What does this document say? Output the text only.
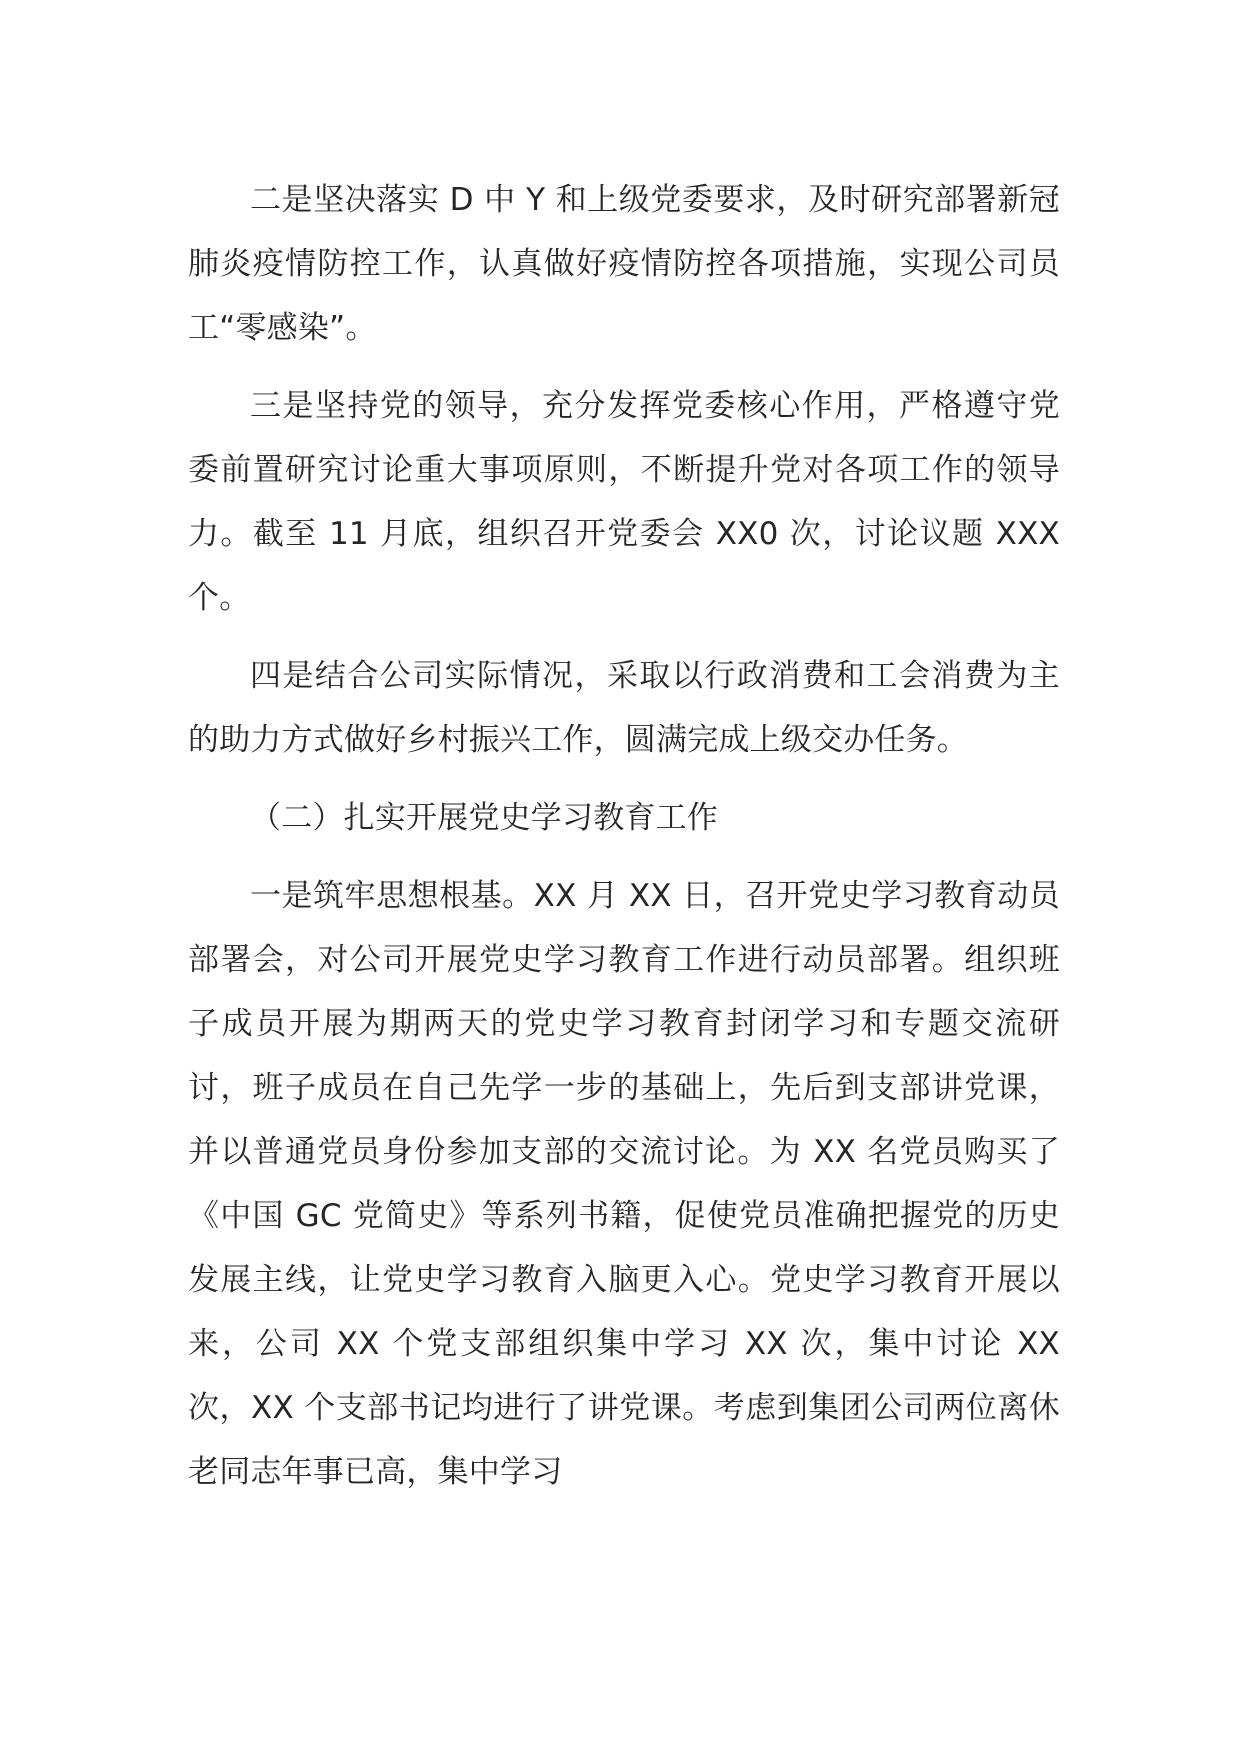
二是坚决落实 D 中 Y 和上级党委要求，及时研究部署新冠肺炎疫情防控工作，认真做好疫情防控各项措施，实现公司员工“零感染”。

三是坚持党的领导，充分发挥党委核心作用，严格遵守党委前置研究讨论重大事项原则，不断提升党对各项工作的领导力。截至 11 月底，组织召开党委会 XX0 次，讨论议题 XXX 个。

四是结合公司实际情况，采取以行政消费和工会消费为主的助力方式做好乡村振兴工作，圆满完成上级交办任务。

（二）扎实开展党史学习教育工作

一是筑牢思想根基。XX 月 XX 日，召开党史学习教育动员部署会，对公司开展党史学习教育工作进行动员部署。组织班子成员开展为期两天的党史学习教育封闭学习和专题交流研讨，班子成员在自己先学一步的基础上，先后到支部讲党课，并以普通党员身份参加支部的交流讨论。为 XX 名党员购买了《中国 GC 党简史》等系列书籍，促使党员准确把握党的历史发展主线，让党史学习教育入脑更入心。党史学习教育开展以来，公司 XX 个党支部组织集中学习 XX 次，集中讨论 XX 次，XX 个支部书记均进行了讲党课。考虑到集团公司两位离休老同志年事已高，集中学习
